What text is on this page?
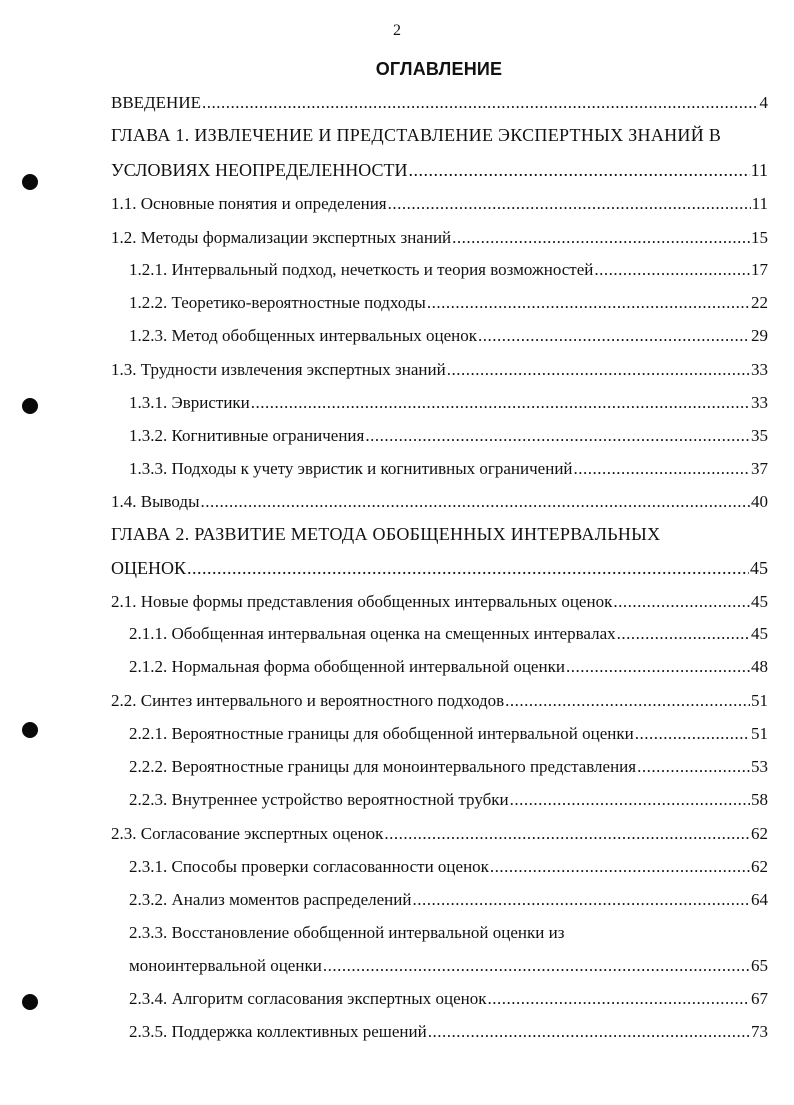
2
ОГЛАВЛЕНИЕ
ВВЕДЕНИЕ .....	4
ГЛАВА 1. ИЗВЛЕЧЕНИЕ И ПРЕДСТАВЛЕНИЕ ЭКСПЕРТНЫХ ЗНАНИЙ В
УСЛОВИЯХ НЕОПРЕДЕЛЕННОСТИ .....	11
1.1. Основные понятия и определения .....	11
1.2. Методы формализации экспертных знаний .....	15
1.2.1. Интервальный подход, нечеткость и теория возможностей .....	17
1.2.2. Теоретико-вероятностные подходы .....	22
1.2.3. Метод обобщенных интервальных оценок .....	29
1.3. Трудности извлечения экспертных знаний .....	33
1.3.1. Эвристики .....	33
1.3.2. Когнитивные ограничения .....	35
1.3.3. Подходы к учету эвристик и когнитивных ограничений .....	37
1.4. Выводы .....	40
ГЛАВА 2. РАЗВИТИЕ МЕТОДА ОБОБЩЕННЫХ ИНТЕРВАЛЬНЫХ
ОЦЕНОК .....	45
2.1. Новые формы представления обобщенных интервальных оценок .....	45
2.1.1. Обобщенная интервальная оценка на смещенных интервалах .....	45
2.1.2. Нормальная форма обобщенной интервальной оценки .....	48
2.2. Синтез интервального и вероятностного подходов .....	51
2.2.1. Вероятностные границы для обобщенной интервальной оценки .....	51
2.2.2. Вероятностные границы для моноинтервального представления .....	53
2.2.3. Внутреннее устройство вероятностной трубки .....	58
2.3. Согласование экспертных оценок .....	62
2.3.1. Способы проверки согласованности оценок .....	62
2.3.2. Анализ моментов распределений .....	64
2.3.3. Восстановление обобщенной интервальной оценки из
моноинтервальной оценки .....	65
2.3.4. Алгоритм согласования экспертных оценок .....	67
2.3.5. Поддержка коллективных решений .....	73
